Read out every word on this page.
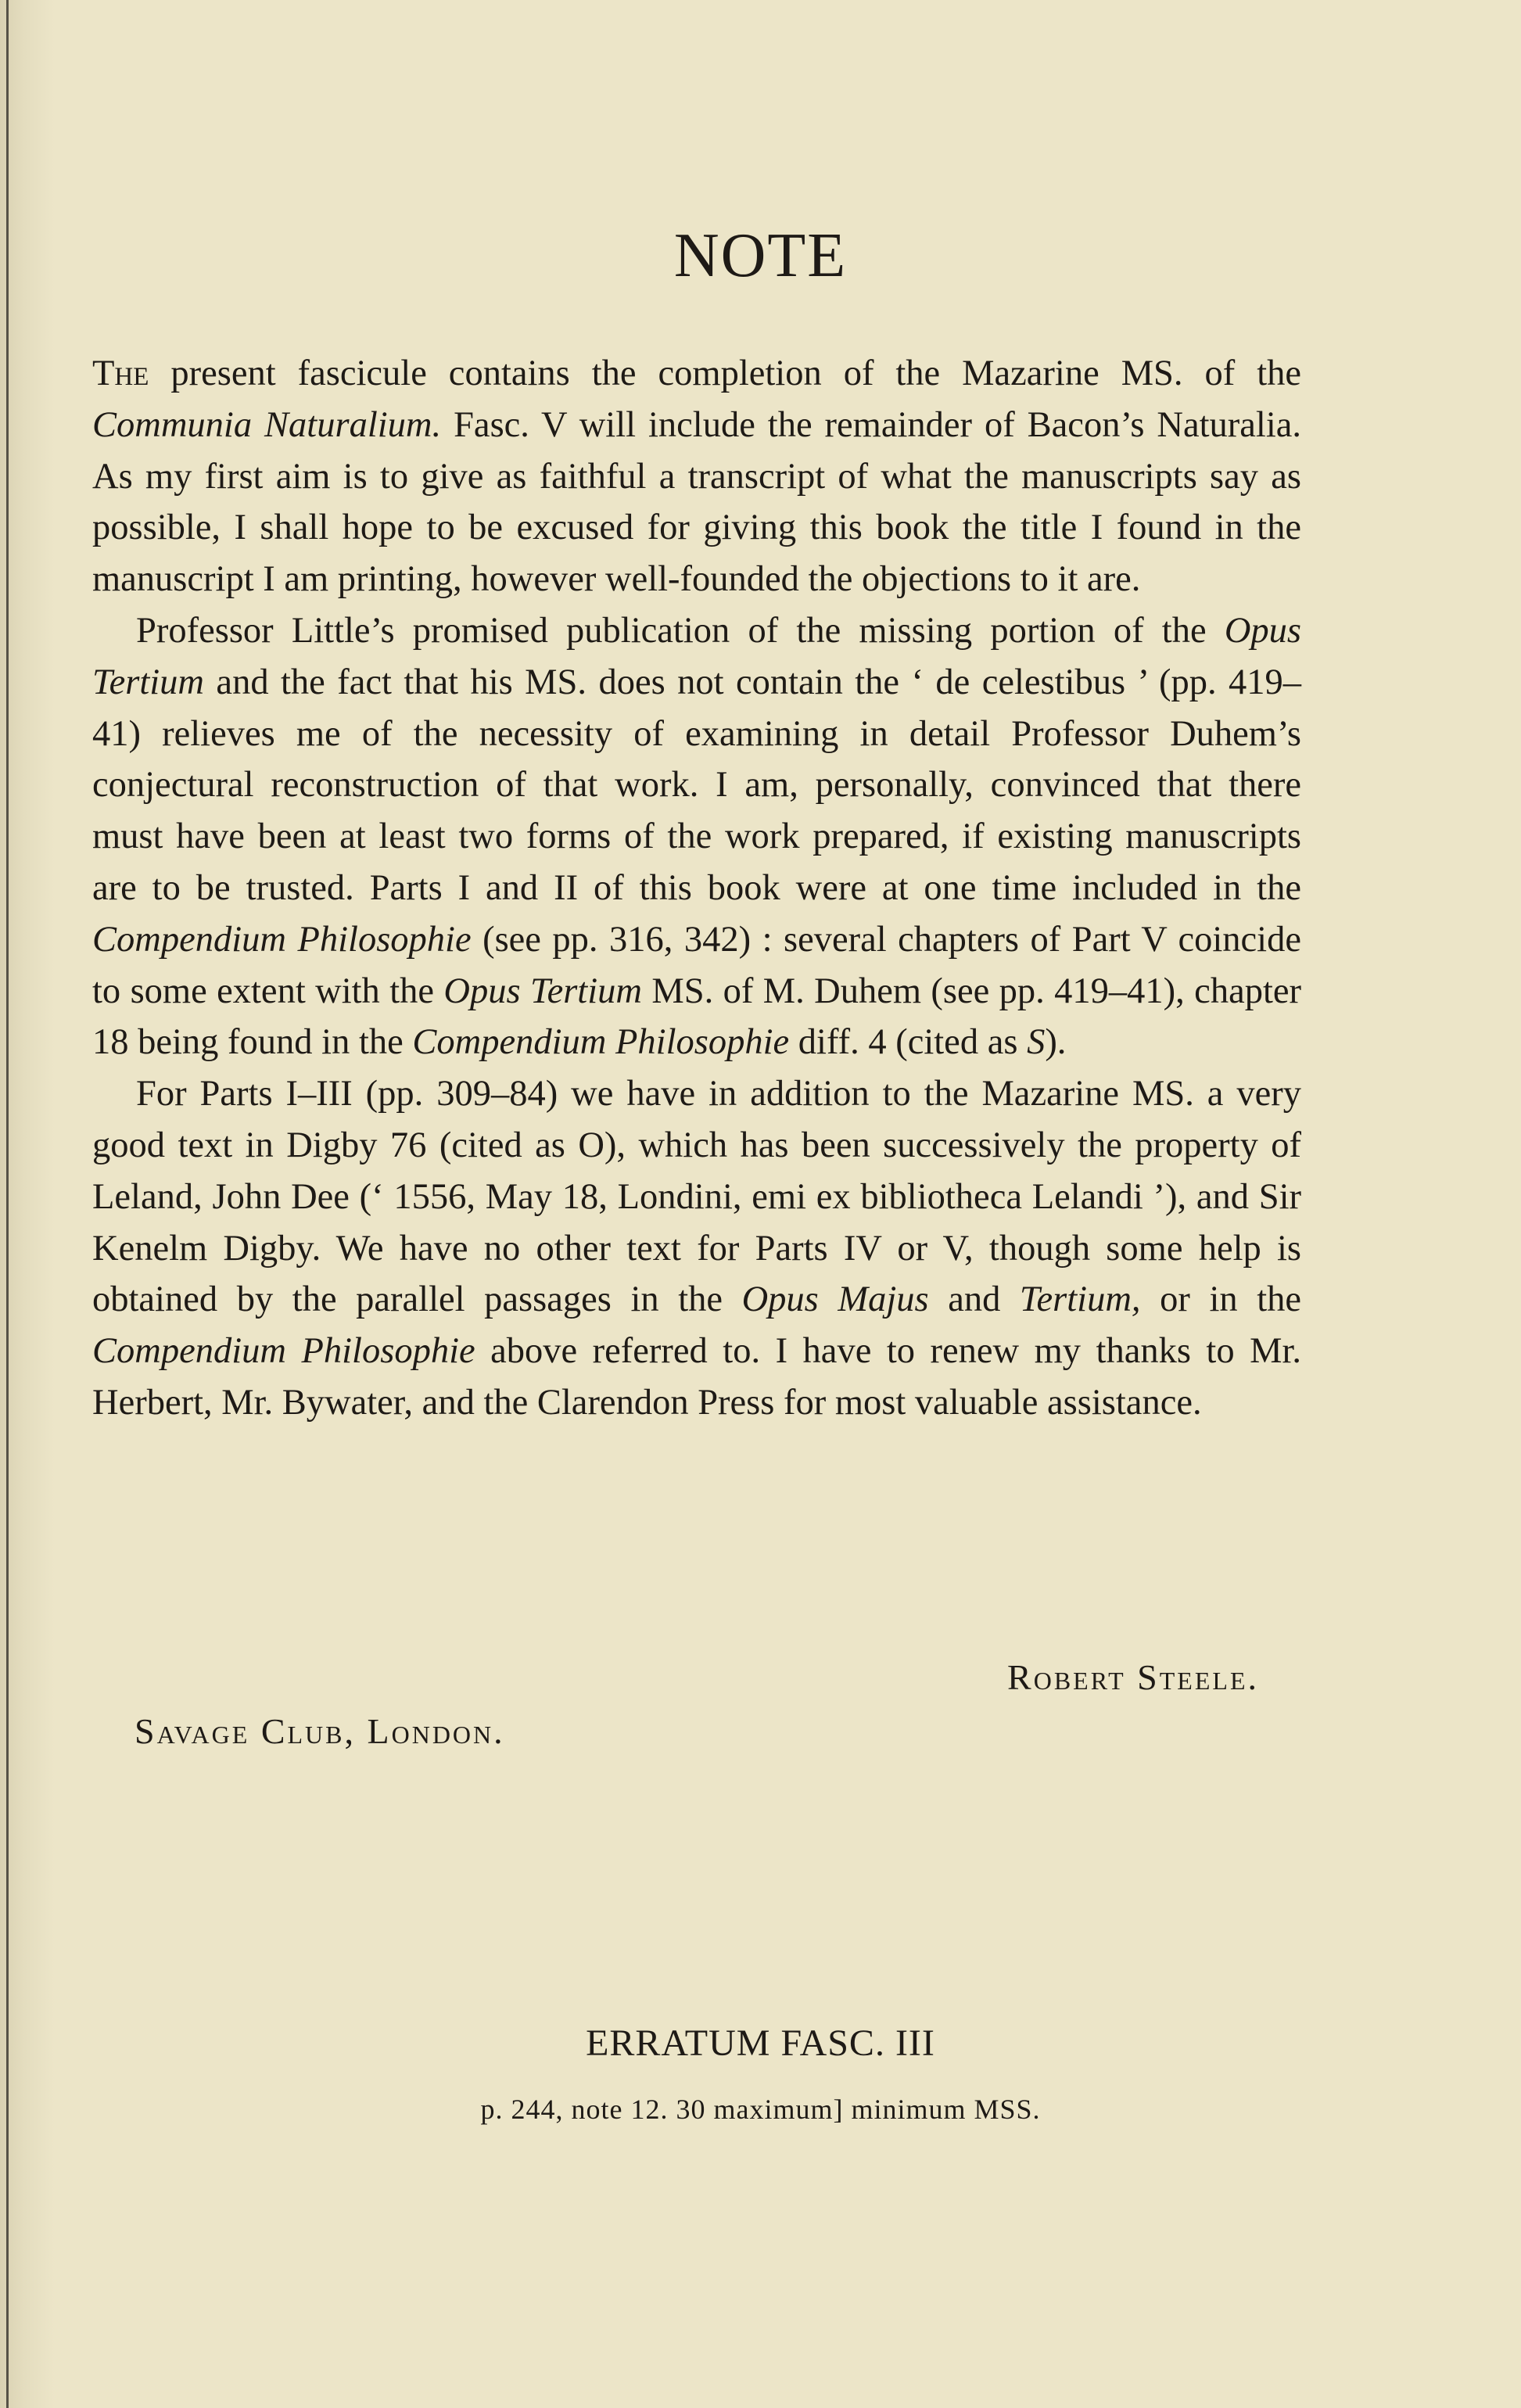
NOTE

The present fascicule contains the completion of the Mazarine MS. of the Communia Naturalium. Fasc. V will include the remainder of Bacon’s Naturalia. As my first aim is to give as faithful a transcript of what the manuscripts say as possible, I shall hope to be excused for giving this book the title I found in the manuscript I am printing, however well-founded the objections to it are.

Professor Little’s promised publication of the missing portion of the Opus Tertium and the fact that his MS. does not contain the ‘ de celestibus ’ (pp. 419–41) relieves me of the necessity of examining in detail Professor Duhem’s conjectural reconstruction of that work. I am, personally, convinced that there must have been at least two forms of the work prepared, if existing manuscripts are to be trusted. Parts I and II of this book were at one time included in the Compendium Philosophie (see pp. 316, 342) : several chapters of Part V coincide to some extent with the Opus Tertium MS. of M. Duhem (see pp. 419–41), chapter 18 being found in the Compendium Philosophie diff. 4 (cited as S).

For Parts I–III (pp. 309–84) we have in addition to the Mazarine MS. a very good text in Digby 76 (cited as O), which has been successively the property of Leland, John Dee (‘ 1556, May 18, Londini, emi ex bibliotheca Lelandi ’), and Sir Kenelm Digby. We have no other text for Parts IV or V, though some help is obtained by the parallel passages in the Opus Majus and Tertium, or in the Compendium Philosophie above referred to. I have to renew my thanks to Mr. Herbert, Mr. Bywater, and the Clarendon Press for most valuable assistance.

Robert Steele.
Savage Club, London.
ERRATUM FASC. III
p. 244, note 12. 30 maximum] minimum MSS.
